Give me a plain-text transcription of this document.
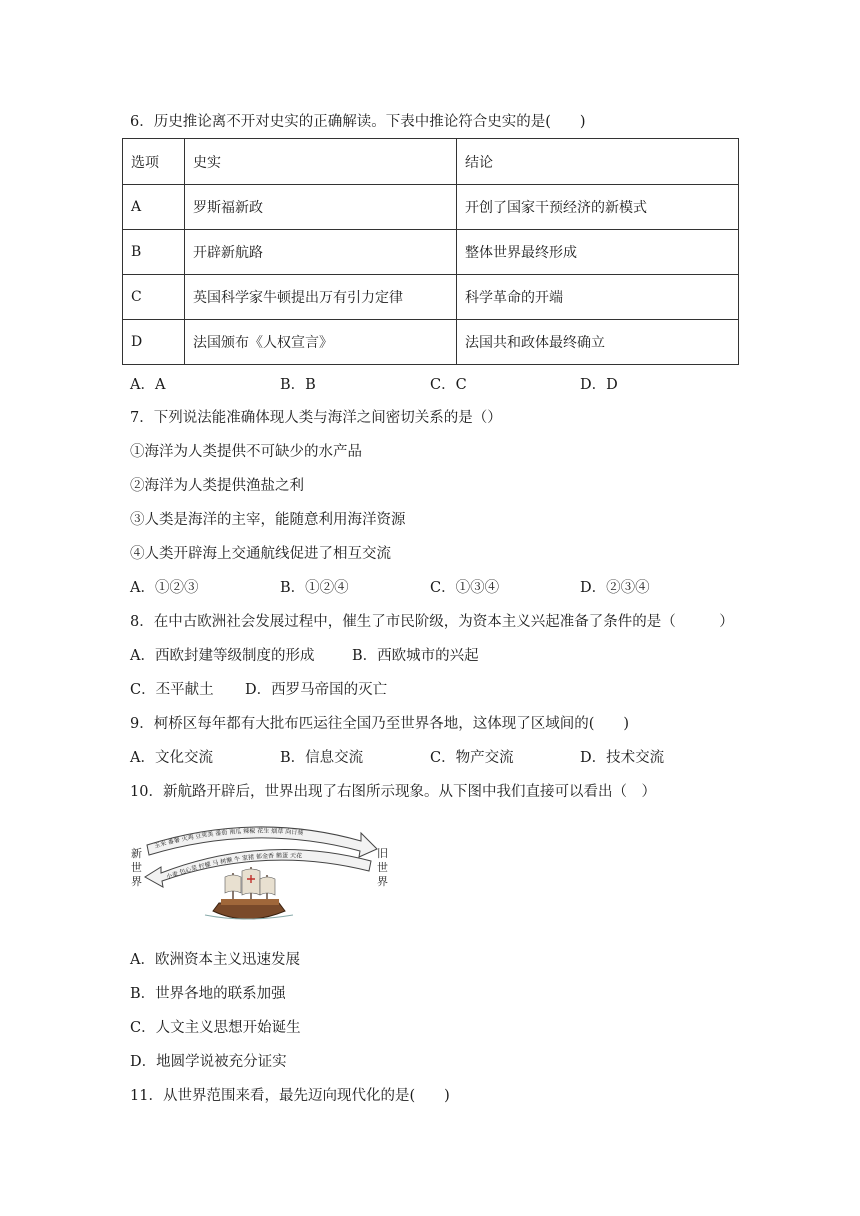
6．历史推论离不开对史实的正确解读。下表中推论符合史实的是(　　)
选项	史实	结论
A	罗斯福新政	开创了国家干预经济的新模式
B	开辟新航路	整体世界最终形成
C	英国科学家牛顿提出万有引力定律	科学革命的开端
D	法国颁布《人权宣言》	法国共和政体最终确立
A．A	B．B	C．C	D．D
7．下列说法能准确体现人类与海洋之间密切关系的是（）
①海洋为人类提供不可缺少的水产品
②海洋为人类提供渔盐之利
③人类是海洋的主宰，能随意利用海洋资源
④人类开辟海上交通航线促进了相互交流
A．①②③	B．①②④	C．①③④	D．②③④
8．在中古欧洲社会发展过程中，催生了市民阶级，为资本主义兴起准备了条件的是（　　　）
A．西欧封建等级制度的形成	B．西欧城市的兴起
C．丕平献土 D．西罗马帝国的灭亡
9．柯桥区每年都有大批布匹运往全国乃至世界各地，这体现了区域间的(　　)
A．文化交流	B．信息交流	C．物产交流	D．技术交流
10．新航路开辟后，世界出现了右图所示现象。从下图中我们直接可以看出（　）
新 世 界
旧 世 界
玉米 番薯 火鸡 豆荚类 番茄 南瓜 辣椒 花生 烟草 向日葵
小麦 包心菜 柠檬 马 树懒 牛 家猪 郁金香 鹅蛋 天花
A．欧洲资本主义迅速发展
B．世界各地的联系加强
C．人文主义思想开始诞生
D．地圆学说被充分证实
11．从世界范围来看，最先迈向现代化的是(　　)
